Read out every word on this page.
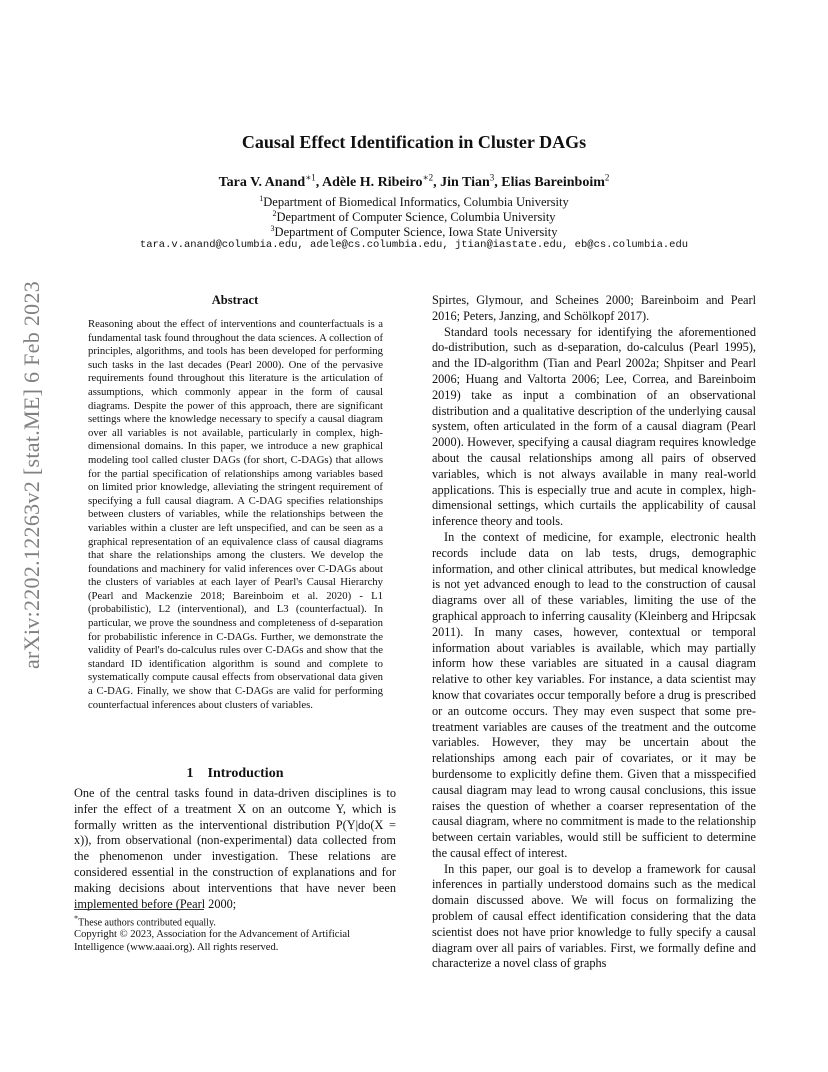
arXiv:2202.12263v2 [stat.ME] 6 Feb 2023
Causal Effect Identification in Cluster DAGs
Tara V. Anand$^{∗1}$, Adèle H. Ribeiro$^{∗2}$, Jin Tian$^3$, Elias Bareinboim$^2$
$^1$Department of Biomedical Informatics, Columbia University
$^2$Department of Computer Science, Columbia University
$^3$Department of Computer Science, Iowa State University
tara.v.anand@columbia.edu, adele@cs.columbia.edu, jtian@iastate.edu, eb@cs.columbia.edu
Abstract
Reasoning about the effect of interventions and counterfactuals is a fundamental task found throughout the data sciences. A collection of principles, algorithms, and tools has been developed for performing such tasks in the last decades (Pearl 2000). One of the pervasive requirements found throughout this literature is the articulation of assumptions, which commonly appear in the form of causal diagrams. Despite the power of this approach, there are significant settings where the knowledge necessary to specify a causal diagram over all variables is not available, particularly in complex, high-dimensional domains. In this paper, we introduce a new graphical modeling tool called cluster DAGs (for short, C-DAGs) that allows for the partial specification of relationships among variables based on limited prior knowledge, alleviating the stringent requirement of specifying a full causal diagram. A C-DAG specifies relationships between clusters of variables, while the relationships between the variables within a cluster are left unspecified, and can be seen as a graphical representation of an equivalence class of causal diagrams that share the relationships among the clusters. We develop the foundations and machinery for valid inferences over C-DAGs about the clusters of variables at each layer of Pearl's Causal Hierarchy (Pearl and Mackenzie 2018; Bareinboim et al. 2020) - L1 (probabilistic), L2 (interventional), and L3 (counterfactual). In particular, we prove the soundness and completeness of d-separation for probabilistic inference in C-DAGs. Further, we demonstrate the validity of Pearl's do-calculus rules over C-DAGs and show that the standard ID identification algorithm is sound and complete to systematically compute causal effects from observational data given a C-DAG. Finally, we show that C-DAGs are valid for performing counterfactual inferences about clusters of variables.
1 Introduction
One of the central tasks found in data-driven disciplines is to infer the effect of a treatment X on an outcome Y, which is formally written as the interventional distribution P(Y|do(X = x)), from observational (non-experimental) data collected from the phenomenon under investigation. These relations are considered essential in the construction of explanations and for making decisions about interventions that have never been implemented before (Pearl 2000;
*These authors contributed equally.
Copyright © 2023, Association for the Advancement of Artificial Intelligence (www.aaai.org). All rights reserved.

Spirtes, Glymour, and Scheines 2000; Bareinboim and Pearl 2016; Peters, Janzing, and Schölkopf 2017).

Standard tools necessary for identifying the aforementioned do-distribution, such as d-separation, do-calculus (Pearl 1995), and the ID-algorithm (Tian and Pearl 2002a; Shpitser and Pearl 2006; Huang and Valtorta 2006; Lee, Correa, and Bareinboim 2019) take as input a combination of an observational distribution and a qualitative description of the underlying causal system, often articulated in the form of a causal diagram (Pearl 2000). However, specifying a causal diagram requires knowledge about the causal relationships among all pairs of observed variables, which is not always available in many real-world applications. This is especially true and acute in complex, high-dimensional settings, which curtails the applicability of causal inference theory and tools.

In the context of medicine, for example, electronic health records include data on lab tests, drugs, demographic information, and other clinical attributes, but medical knowledge is not yet advanced enough to lead to the construction of causal diagrams over all of these variables, limiting the use of the graphical approach to inferring causality (Kleinberg and Hripcsak 2011). In many cases, however, contextual or temporal information about variables is available, which may partially inform how these variables are situated in a causal diagram relative to other key variables. For instance, a data scientist may know that covariates occur temporally before a drug is prescribed or an outcome occurs. They may even suspect that some pre-treatment variables are causes of the treatment and the outcome variables. However, they may be uncertain about the relationships among each pair of covariates, or it may be burdensome to explicitly define them. Given that a misspecified causal diagram may lead to wrong causal conclusions, this issue raises the question of whether a coarser representation of the causal diagram, where no commitment is made to the relationship between certain variables, would still be sufficient to determine the causal effect of interest.

In this paper, our goal is to develop a framework for causal inferences in partially understood domains such as the medical domain discussed above. We will focus on formalizing the problem of causal effect identification considering that the data scientist does not have prior knowledge to fully specify a causal diagram over all pairs of variables. First, we formally define and characterize a novel class of graphs
